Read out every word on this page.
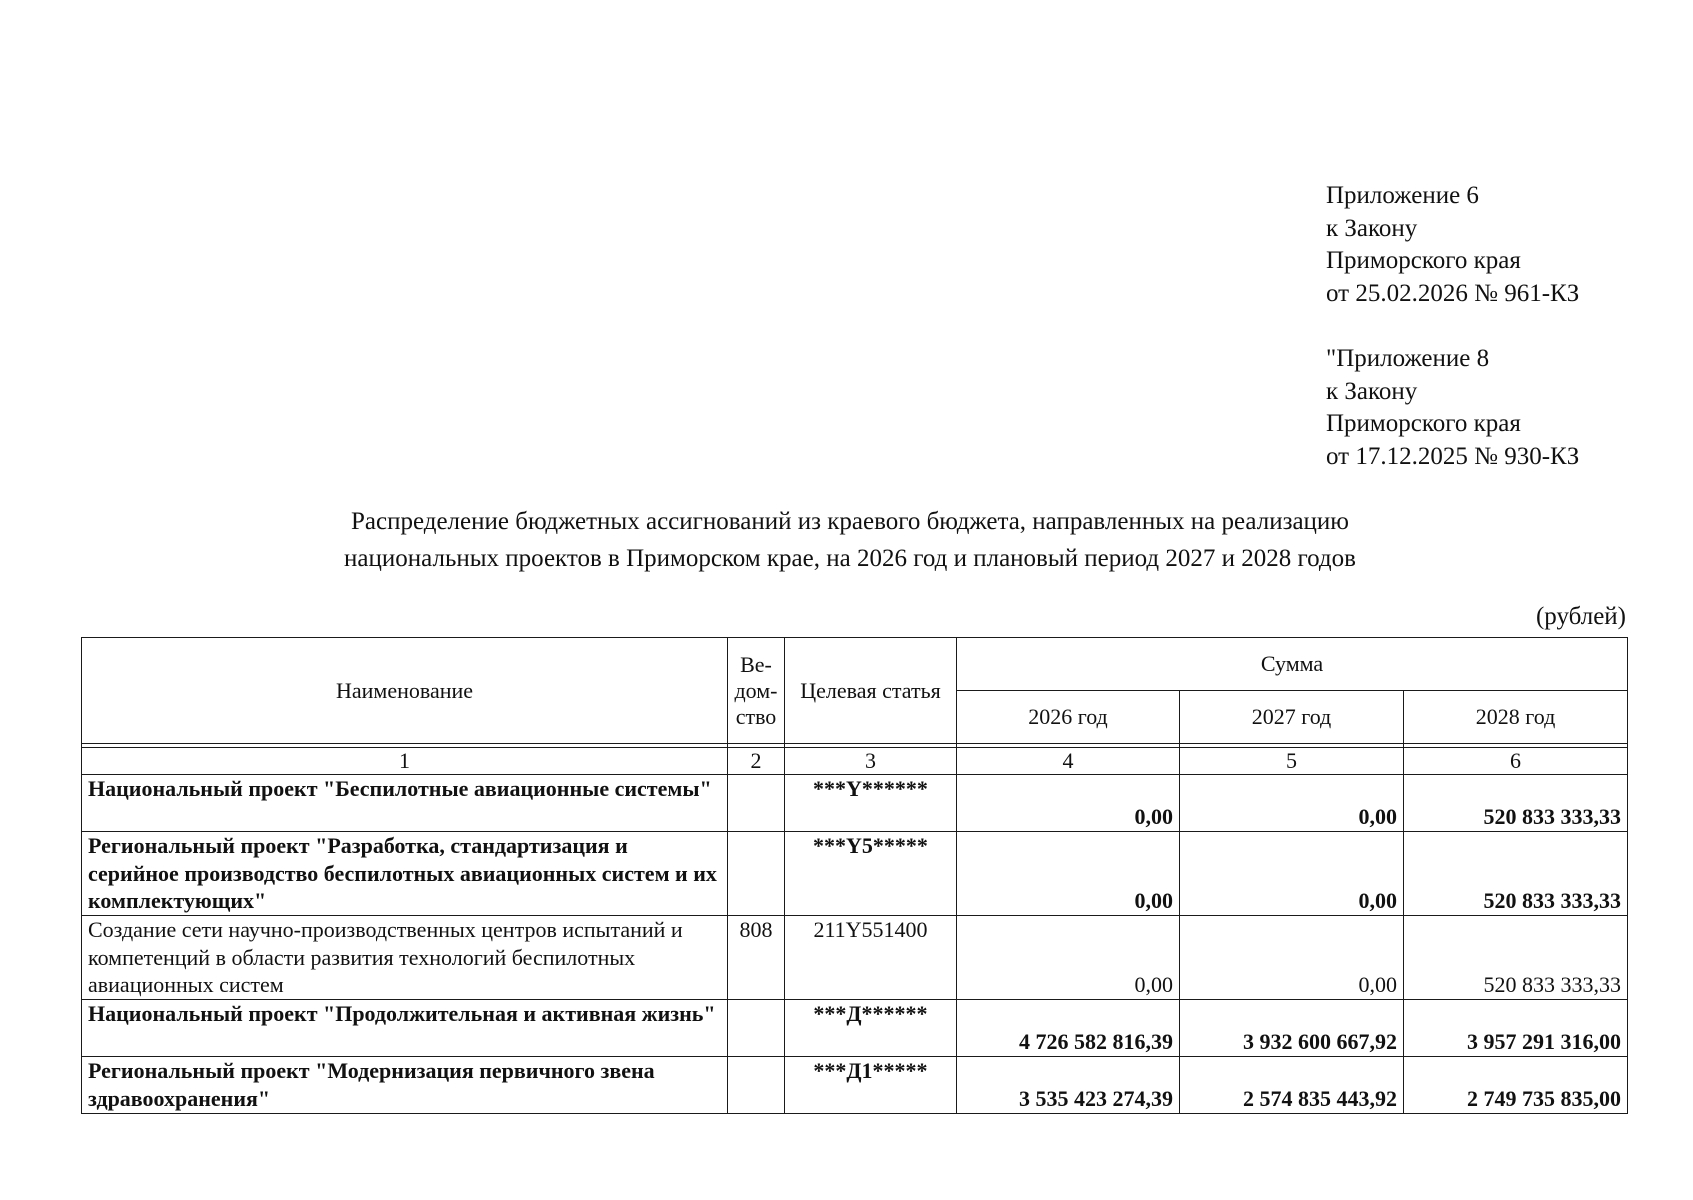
Приложение 6
к Закону
Приморского края
от 25.02.2026 № 961-КЗ
"Приложение 8
к Закону
Приморского края
от 17.12.2025 № 930-КЗ
Распределение бюджетных ассигнований из краевого бюджета, направленных на реализацию
национальных проектов в Приморском крае, на 2026 год и плановый период 2027 и 2028 годов
(рублей)
Наименование	Ве-
дом-
ство	Целевая статья	Сумма		
			2026 год	2027 год	2028 год

1	2	3	4	5	6
Национальный проект "Беспилотные авиационные системы"		***Y******	0,00	0,00	520 833 333,33
Региональный проект "Разработка, стандартизация и серийное производство беспилотных авиационных систем и их комплектующих"		***Y5*****	0,00	0,00	520 833 333,33
Создание сети научно-производственных центров испытаний и компетенций в области развития технологий беспилотных авиационных систем	808	211Y551400	0,00	0,00	520 833 333,33
Национальный проект "Продолжительная и активная жизнь"		***Д******	4 726 582 816,39	3 932 600 667,92	3 957 291 316,00
Региональный проект "Модернизация первичного звена здравоохранения"		***Д1*****	3 535 423 274,39	2 574 835 443,92	2 749 735 835,00
